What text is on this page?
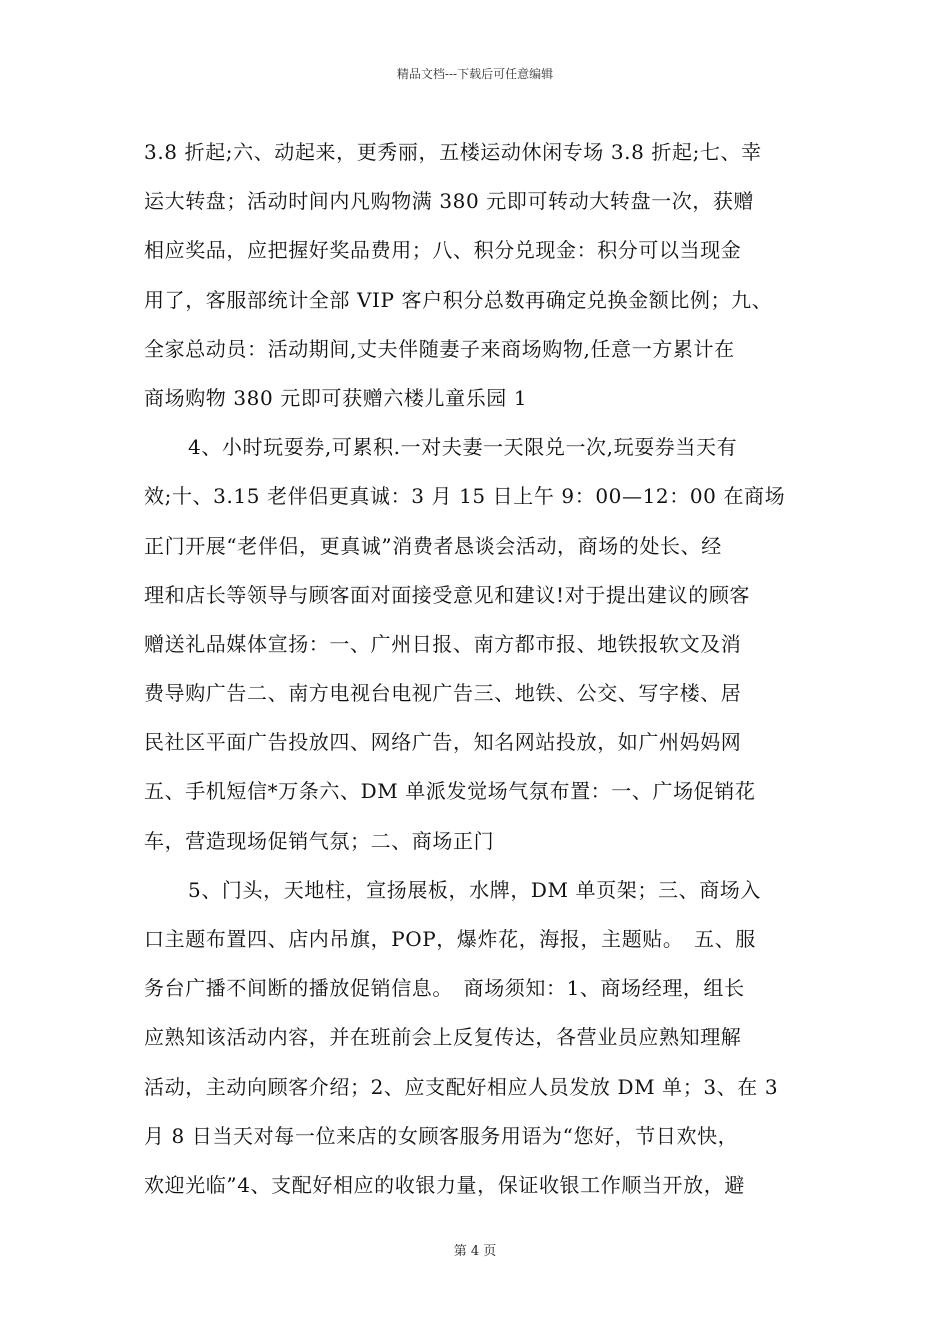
精品文档---下载后可任意编辑
3.8 折起;六、动起来，更秀丽，五楼运动休闲专场 3.8 折起;七、幸
运大转盘；活动时间内凡购物满 380 元即可转动大转盘一次，获赠
相应奖品，应把握好奖品费用；八、积分兑现金：积分可以当现金
用了，客服部统计全部 VIP 客户积分总数再确定兑换金额比例；九、
全家总动员：活动期间,丈夫伴随妻子来商场购物,任意一方累计在
商场购物 380 元即可获赠六楼儿童乐园 1
4、小时玩耍券,可累积.一对夫妻一天限兑一次,玩耍券当天有
效;十、3.15 老伴侣更真诚：3 月 15 日上午 9：00—12：00 在商场
正门开展“老伴侣，更真诚”消费者恳谈会活动，商场的处长、经
理和店长等领导与顾客面对面接受意见和建议!对于提出建议的顾客
赠送礼品媒体宣扬：一、广州日报、南方都市报、地铁报软文及消
费导购广告二、南方电视台电视广告三、地铁、公交、写字楼、居
民社区平面广告投放四、网络广告，知名网站投放，如广州妈妈网
五、手机短信*万条六、DM 单派发觉场气氛布置：一、广场促销花
车，营造现场促销气氛；二、商场正门
5、门头，天地柱，宣扬展板，水牌，DM 单页架；三、商场入
口主题布置四、店内吊旗，POP，爆炸花，海报，主题贴。　五、服
务台广播不间断的播放促销信息。　商场须知：1、商场经理，组长
应熟知该活动内容，并在班前会上反复传达，各营业员应熟知理解
活动，主动向顾客介绍；2、应支配好相应人员发放 DM 单；3、在 3
月 8 日当天对每一位来店的女顾客服务用语为“您好，节日欢快，
欢迎光临”4、支配好相应的收银力量，保证收银工作顺当开放，避
第 4 页
